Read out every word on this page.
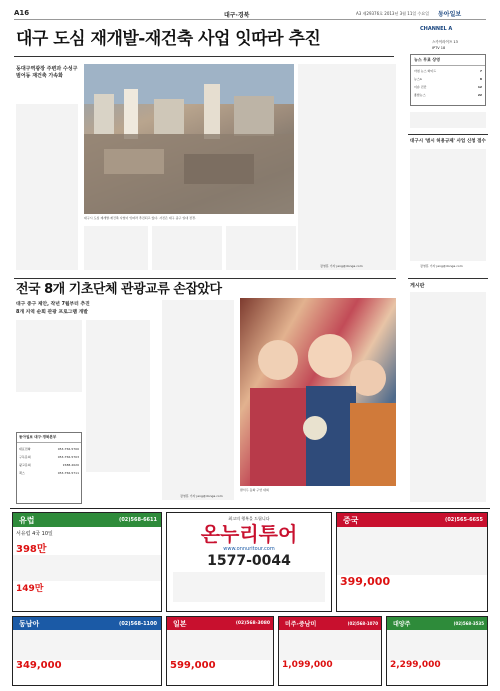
A16	대구·경북	A3 제29376호 2013년 3월 11일 수요일 동아일보
대구 도심 재개발-재건축 사업 잇따라 추진
동대구역광장 주변과 수성구 범어동 재건축 가속화
대구시 도심 재개발·재건축 사업이 잇따라 추진되고 있다. 사진은 대구 중구 일대 전경.
장영훈 기자 jang@donga.com
CHANNEL A
스카이라이프 13
IPTV 18
뉴스 무료 상영
아침 뉴스 와이드	7
뉴스A	8
이슈 진단	12
종합뉴스	22
대구시 '범시 허용규제' 사업 신청 접수
장영훈 기자 jang@donga.com
전국 8개 기초단체 관광교류 손잡았다
대구 중구 제안, 작년 7월부터 추진
8개 지역 순회 관광 프로그램 개발
장영훈 기자 jang@donga.com
팔석두 동화 구연 대회
동아일보 대구·경북본부
대표전화	053-756-5700
구독문의	053-756-5703
광고문의	1588-2020
팩스	053-756-5711
게시판
유럽	(02)568-6611
서유럽 4국 10일
398만
149만
최고의 행복을 드립니다
온누리투어
www.onnuritour.com
1577-0044
중국	(02)565-6655
399,000
동남아	(02)568-1100
349,000
일본	(02)568-3080
599,000
미주·중남미	(02)568-1070
1,099,000
대양주	(02)568-3535
2,299,000
